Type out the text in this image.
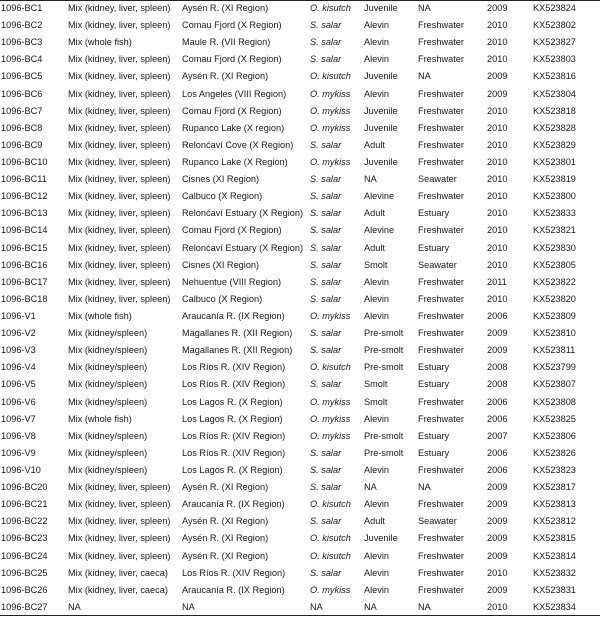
1096-BC1	Mix (kidney, liver, spleen)	Aysén R. (XI Region)	O. kisutch	Juvenile	NA	2009	KX523824
1096-BC2	Mix (kidney, liver, spleen)	Comau Fjord (X Region)	S. salar	Alevin	Freshwater	2010	KX523802
1096-BC3	Mix (whole fish)	Maule R. (VII Region)	S. salar	Alevin	Freshwater	2010	KX523827
1096-BC4	Mix (kidney, liver, spleen)	Comau Fjord (X Region)	S. salar	Alevin	Freshwater	2010	KX523803
1096-BC5	Mix (kidney, liver, spleen)	Aysén R. (XI Region)	O. kisutch	Juvenile	NA	2009	KX523816
1096-BC6	Mix (kidney, liver, spleen)	Los Angeles (VIII Region)	O. mykiss	Alevin	Freshwater	2009	KX523804
1096-BC7	Mix (kidney, liver, spleen)	Comau Fjord (X Region)	O. mykiss	Juvenile	Freshwater	2010	KX523818
1096-BC8	Mix (kidney, liver, spleen)	Rupanco Lake (X region)	O. mykiss	Juvenile	Freshwater	2010	KX523828
1096-BC9	Mix (kidney, liver, spleen)	Relonćaví Cove (X Region)	S. salar	Adult	Freshwater	2010	KX523829
1096-BC10	Mix (kidney, liver, spleen)	Rupanco Lake (X Region)	O. mykiss	Juvenile	Freshwater	2010	KX523801
1096-BC11	Mix (kidney, liver, spleen)	Cisnes (XI Region)	S. salar	NA	Seawater	2010	KX523819
1096-BC12	Mix (kidney, liver, spleen)	Calbuco (X Region)	S. salar	Alevine	Freshwater	2010	KX523800
1096-BC13	Mix (kidney, liver, spleen)	Relonćaví Estuary (X Region)	S. salar	Adult	Estuary	2010	KX523833
1096-BC14	Mix (kidney, liver, spleen)	Comau Fjord (X Region)	S. salar	Alevine	Freshwater	2010	KX523821
1096-BC15	Mix (kidney, liver, spleen)	Relonćaví Estuary (X Region)	S. salar	Adult	Estuary	2010	KX523830
1096-BC16	Mix (kidney, liver, spleen)	Cisnes (XI Region)	S. salar	Smolt	Seawater	2010	KX523805
1096-BC17	Mix (kidney, liver, spleen)	Nehuentue (VIII Region)	S. salar	Alevin	Freshwater	2011	KX523822
1096-BC18	Mix (kidney, liver, spleen)	Calbuco (X Region)	S. salar	Alevin	Freshwater	2010	KX523820
1096-V1	Mix (whole fish)	Araucanía R. (IX Region)	O. mykiss	Alevin	Freshwater	2006	KX523809
1096-V2	Mix (kidney/spleen)	Magallanes R. (XII Region)	S. salar	Pre-smolt	Freshwater	2009	KX523810
1096-V3	Mix (kidney/spleen)	Magallanes R. (XII Region)	S. salar	Pre-smolt	Freshwater	2009	KX523811
1096-V4	Mix (kidney/spleen)	Los Ríos R. (XIV Region)	O. kisutch	Pre-smolt	Estuary	2008	KX523799
1096-V5	Mix (kidney/spleen)	Los Ríos R. (XIV Region)	S. salar	Smolt	Estuary	2008	KX523807
1096-V6	Mix (kidney/spleen)	Los Lagos R. (X Region)	O. mykiss	Smolt	Freshwater	2006	KX523808
1096-V7	Mix (whole fish)	Los Lagos R. (X Region)	O. mykiss	Alevin	Freshwater	2006	KX523825
1096-V8	Mix (kidney/spleen)	Los Ríos R. (XIV Region)	O. mykiss	Pre-smolt	Estuary	2007	KX523806
1096-V9	Mix (kidney/spleen)	Los Ríos R. (XIV Region)	S. salar	Pre-smolt	Estuary	2006	KX523826
1096-V10	Mix (kidney/spleen)	Los Lagos R. (X Region)	S. salar	Alevin	Freshwater	2006	KX523823
1096-BC20	Mix (kidney, liver, spleen)	Aysén R. (XI Region)	S. salar	NA	NA	2009	KX523817
1096-BC21	Mix (kidney, liver, spleen)	Araucanía R. (IX Region)	O. kisutch	Alevin	Freshwater	2009	KX523813
1096-BC22	Mix (kidney, liver, spleen)	Aysén R. (XI Region)	S. salar	Adult	Seawater	2009	KX523812
1096-BC23	Mix (kidney, liver, spleen)	Aysén R. (XI Region)	O. kisutch	Juvenile	Freshwater	2009	KX523815
1096-BC24	Mix (kidney, liver, spleen)	Aysén R. (XI Region)	O. kisutch	Alevin	Freshwater	2009	KX523814
1096-BC25	Mix (kidney, liver, caeca)	Los Ríos R. (XIV Region)	S. salar	Alevin	Freshwater	2010	KX523832
1096-BC26	Mix (kidney, liver, caeca)	Araucanía R. (IX Region)	O. mykiss	Alevin	Freshwater	2009	KX523831
1096-BC27	NA	NA	NA	NA	NA	2010	KX523834
